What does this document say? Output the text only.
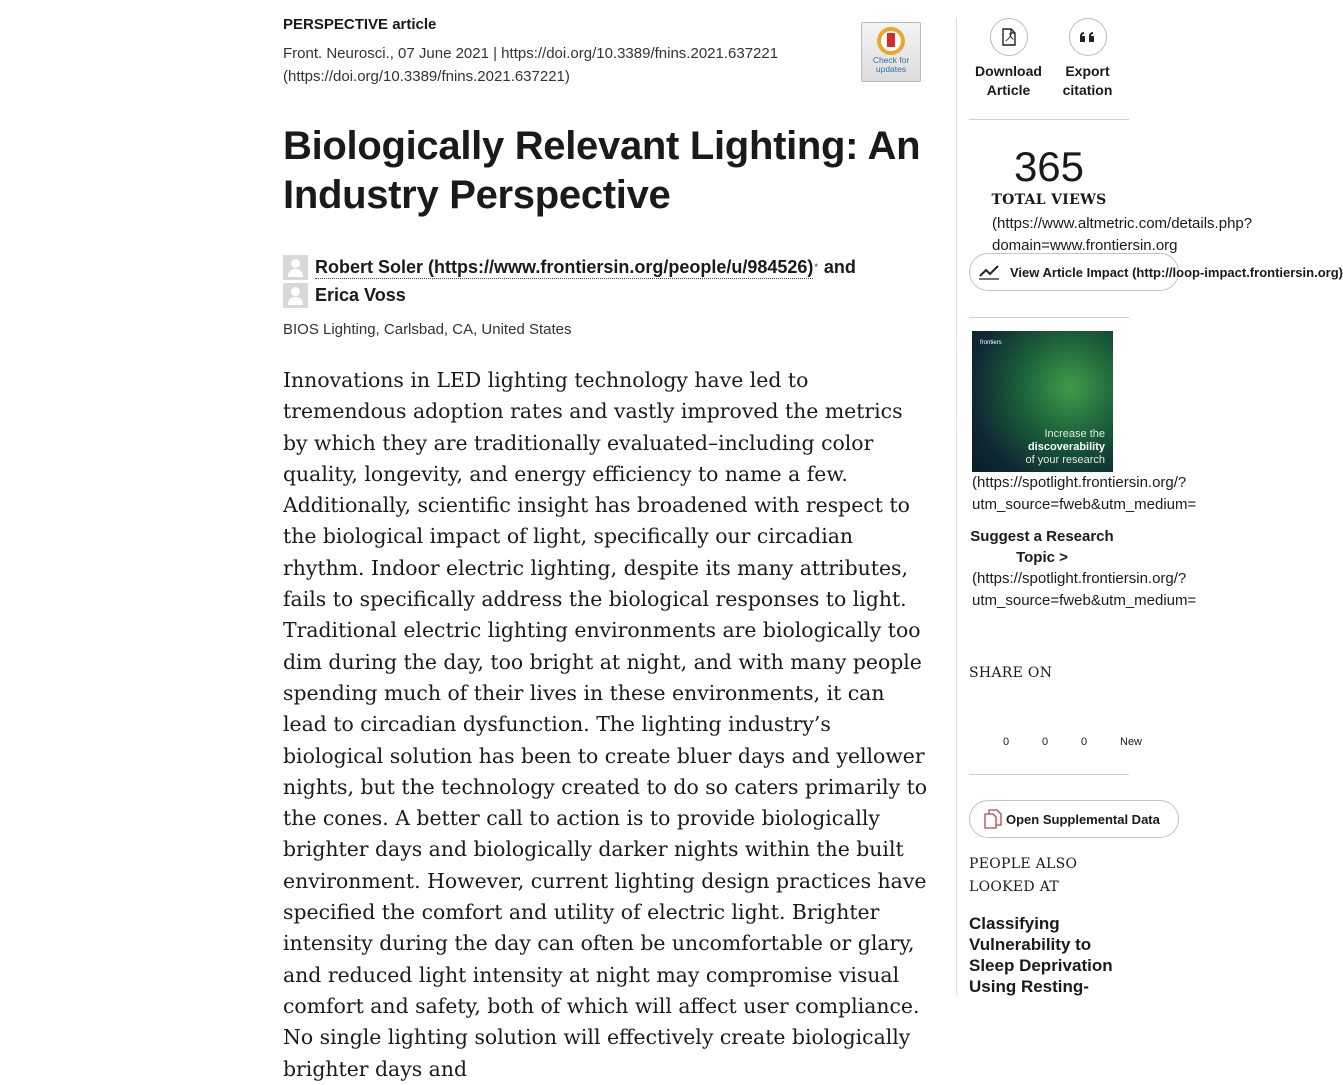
PERSPECTIVE article
Front. Neurosci., 07 June 2021 | https://doi.org/10.3389/fnins.2021.637221 (https://doi.org/10.3389/fnins.2021.637221)
Check for updates
Biologically Relevant Lighting: An Industry Perspective
Robert Soler (https://www.frontiersin.org/people/u/984526) * and
Erica Voss
BIOS Lighting, Carlsbad, CA, United States
Innovations in LED lighting technology have led to tremendous adoption rates and vastly improved the metrics by which they are traditionally evaluated–including color quality, longevity, and energy efficiency to name a few. Additionally, scientific insight has broadened with respect to the biological impact of light, specifically our circadian rhythm. Indoor electric lighting, despite its many attributes, fails to specifically address the biological responses to light. Traditional electric lighting environments are biologically too dim during the day, too bright at night, and with many people spending much of their lives in these environments, it can lead to circadian dysfunction. The lighting industry’s biological solution has been to create bluer days and yellower nights, but the technology created to do so caters primarily to the cones. A better call to action is to provide biologically brighter days and biologically darker nights within the built environment. However, current lighting design practices have specified the comfort and utility of electric light. Brighter intensity during the day can often be uncomfortable or glary, and reduced light intensity at night may compromise visual comfort and safety, both of which will affect user compliance. No single lighting solution will effectively create biologically brighter days and
Download Article
Export citation
365
TOTAL VIEWS
(https://www.altmetric.com/details.php?
domain=www.frontiersin.org
View Article Impact (http://loop-impact.frontiersin.org)
frontiers
Increase the
discoverability
of your research
(https://spotlight.frontiersin.org/?
utm_source=fweb&utm_medium=
Suggest a Research Topic >
(https://spotlight.frontiersin.org/?
utm_source=fweb&utm_medium=
SHARE ON
0	0	0	New
Open Supplemental Data
PEOPLE ALSO LOOKED AT
Classifying Vulnerability to Sleep Deprivation Using Resting-
